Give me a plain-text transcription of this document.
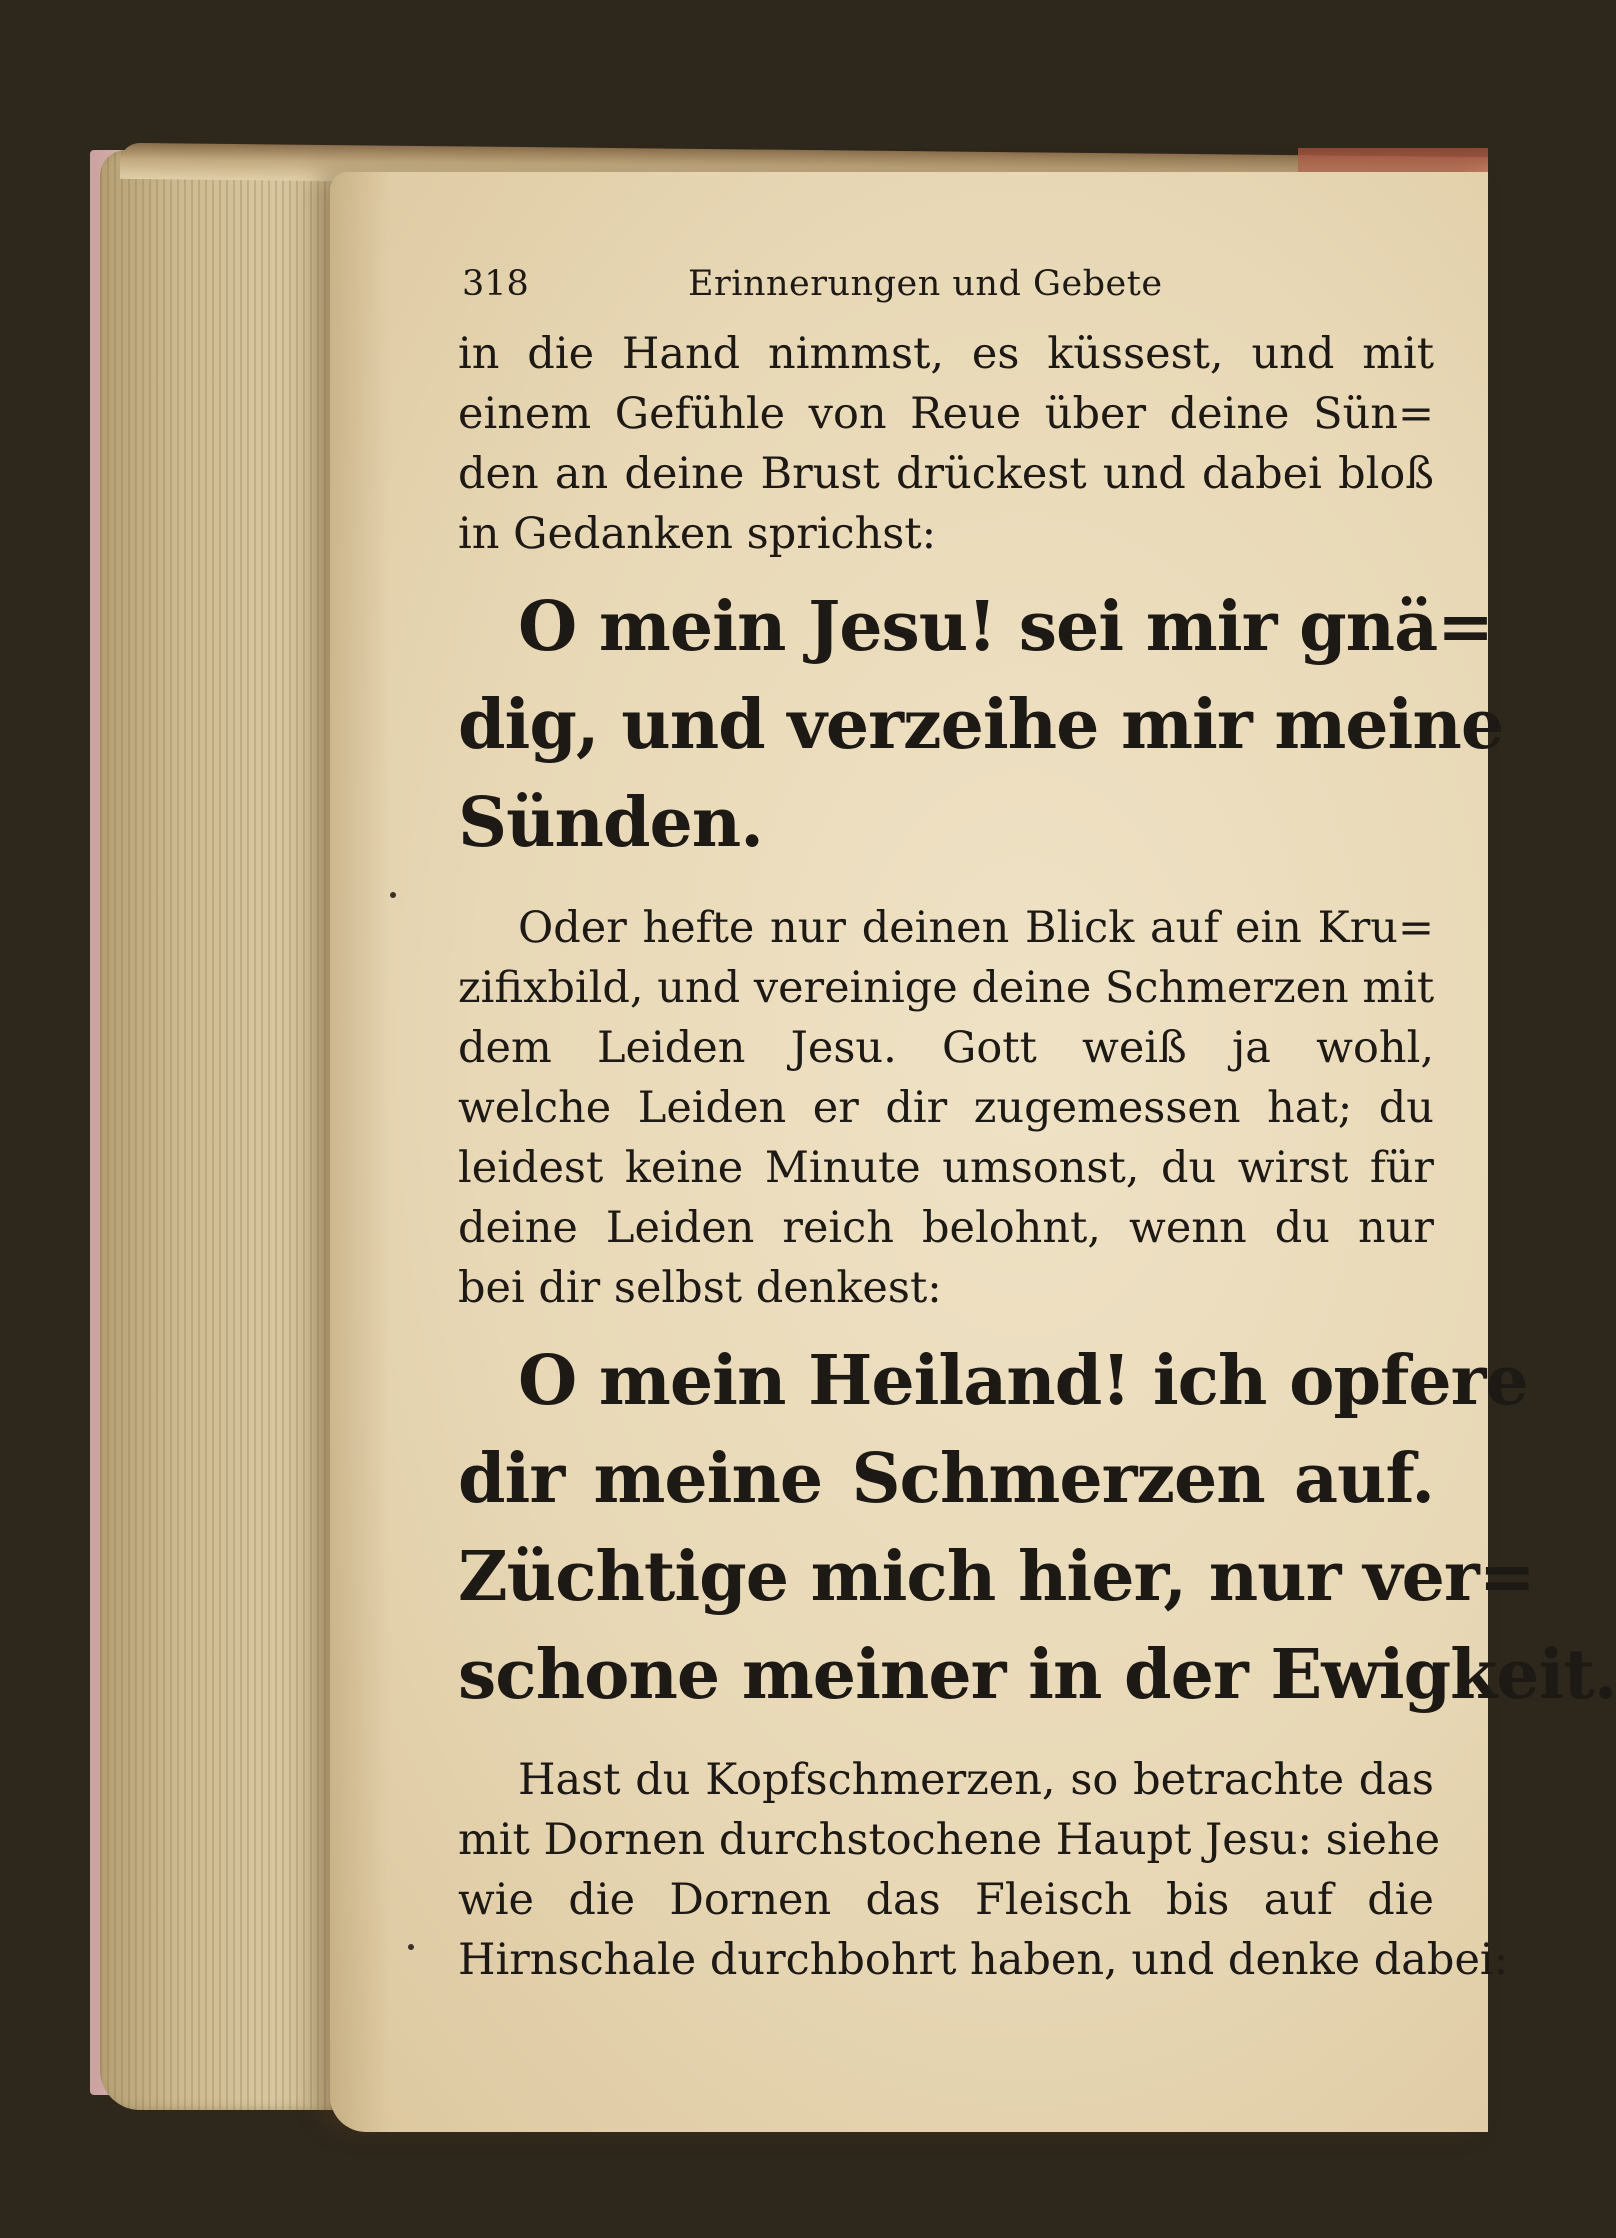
318	Erinnerungen und Gebete
in die Hand nimmst, es küssest, und mit
einem Gefühle von Reue über deine Sün=
den an deine Brust drückest und dabei bloß
in Gedanken sprichst:
O mein Jesu! sei mir gnä=
dig, und verzeihe mir meine
Sünden.
Oder hefte nur deinen Blick auf ein Kru=
zifixbild, und vereinige deine Schmerzen mit
dem Leiden Jesu. Gott weiß ja wohl,
welche Leiden er dir zugemessen hat; du
leidest keine Minute umsonst, du wirst für
deine Leiden reich belohnt, wenn du nur
bei dir selbst denkest:
O mein Heiland! ich opfere
dir meine Schmerzen auf.
Züchtige mich hier, nur ver=
schone meiner in der Ewigkeit.
Hast du Kopfschmerzen, so betrachte das
mit Dornen durchstochene Haupt Jesu: siehe
wie die Dornen das Fleisch bis auf die
Hirnschale durchbohrt haben, und denke dabei:
